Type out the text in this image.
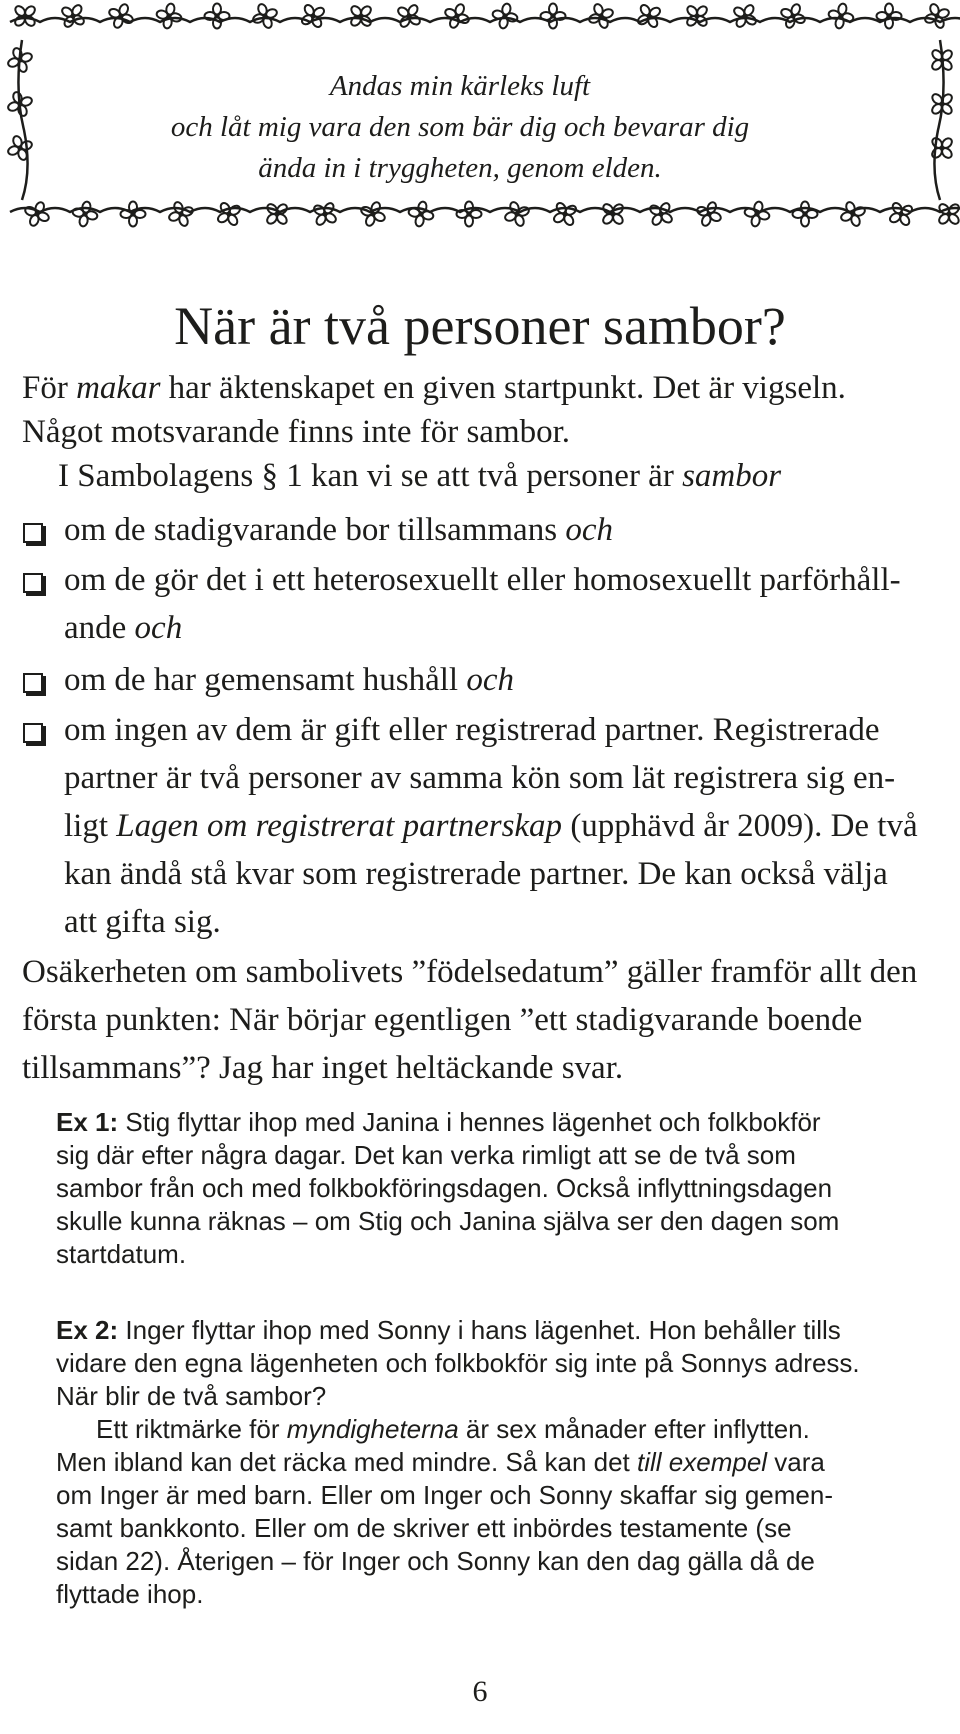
Andas min kärleks luft
och låt mig vara den som bär dig och bevarar dig
ända in i tryggheten, genom elden.
När är två personer sambor?
För makar har äktenskapet en given startpunkt. Det är vigseln.
Något motsvarande finns inte för sambor.
I Sambolagens § 1 kan vi se att två personer är sambor
om de stadigvarande bor tillsammans och
om de gör det i ett heterosexuellt eller homosexuellt parförhåll-
ande och
om de har gemensamt hushåll och
om ingen av dem är gift eller registrerad partner. Registrerade
partner är två personer av samma kön som lät registrera sig en-
ligt Lagen om registrerat partnerskap (upphävd år 2009). De två
kan ändå stå kvar som registrerade partner. De kan också välja
att gifta sig.
Osäkerheten om sambolivets ”födelsedatum” gäller framför allt den
första punkten: När börjar egentligen ”ett stadigvarande boende
tillsammans”? Jag har inget heltäckande svar.
Ex 1: Stig flyttar ihop med Janina i hennes lägenhet och folkbokför
sig där efter några dagar. Det kan verka rimligt att se de två som
sambor från och med folkbokföringsdagen. Också inflyttningsdagen
skulle kunna räknas – om Stig och Janina själva ser den dagen som
startdatum.
Ex 2: Inger flyttar ihop med Sonny i hans lägenhet. Hon behåller tills
vidare den egna lägenheten och folkbokför sig inte på Sonnys adress.
När blir de två sambor?
Ett riktmärke för myndigheterna är sex månader efter inflytten.
Men ibland kan det räcka med mindre. Så kan det till exempel vara
om Inger är med barn. Eller om Inger och Sonny skaffar sig gemen-
samt bankkonto. Eller om de skriver ett inbördes testamente (se
sidan 22). Återigen – för Inger och Sonny kan den dag gälla då de
flyttade ihop.
6
